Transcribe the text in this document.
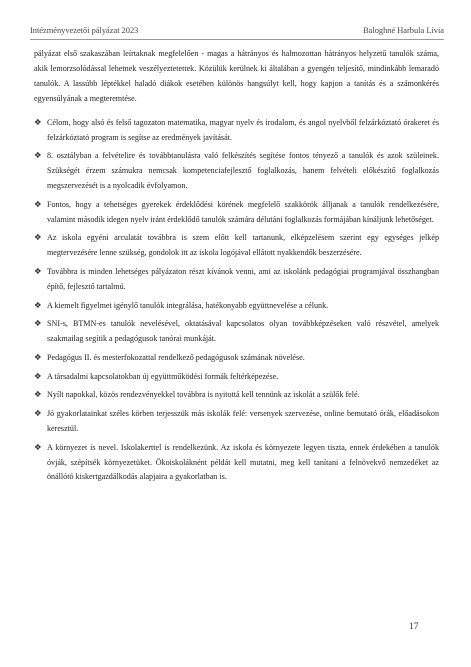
Intézményvezetői pályázat 2023	Baloghné Harbula Lívia

pályázat első szakaszában leírtaknak megfelelően - magas a hátrányos és halmozottan hátrányos helyzetű tanulók száma, akik lemorzsolódással lehetnek veszélyeztetettek. Közülük kerülnek ki általában a gyengén teljesítő, mindinkább lemaradó tanulók. A lassúbb léptékkel haladó diákok esetében különös hangsúlyt kell, hogy kapjon a tanítás és a számonkérés egyensúlyának a megteremtése.

❖ Célom, hogy alsó és felső tagozaton matematika, magyar nyelv és irodalom, és angol nyelvből felzárkóztató órakeret és felzárkóztató program is segítse az eredmények javítását.
❖ 8. osztályban a felvételire és továbbtanulásra való felkészítés segítése fontos tényező a tanulók és azok szüleinek. Szükségét érzem számukra nemcsak kompetenciafejlesztő foglalkozás, hanem felvételi előkészítő foglalkozás megszervezését is a nyolcadik évfolyamon.
❖ Fontos, hogy a tehetséges gyerekek érdeklődési körének megfelelő szakkörök álljanak a tanulók rendelkezésére, valamint második idegen nyelv iránt érdeklődő tanulók számára délutáni foglalkozás formájában kínáljunk lehetőséget.
❖ Az iskola egyéni arculatát továbbra is szem előtt kell tartanunk, elképzelésem szerint egy egységes jelkép megtervezésére lenne szükség, gondolok itt az iskola logójával ellátott nyakkendők beszerzésére.
❖ Továbbra is minden lehetséges pályázaton részt kívánok venni, ami az iskolánk pedagógiai programjával összhangban építő, fejlesztő tartalmú.
❖ A kiemelt figyelmet igénylő tanulók integrálása, hatékonyabb együttnevelése a célunk.
❖ SNI-s, BTMN-es tanulók nevelésével, oktatásával kapcsolatos olyan továbbképzéseken való részvétel, amelyek szakmailag segítik a pedagógusok tanórai munkáját.
❖ Pedagógus II. és mesterfokozattal rendelkező pedagógusok számának növelése.
❖ A társadalmi kapcsolatokban új együttműködési formák feltérképezése.
❖ Nyílt napokkal, közös rendezvényekkel továbbra is nyitottá kell tennünk az iskolát a szülők felé.
❖ Jó gyakorlatainkat széles körben terjesszük más iskolák felé: versenyek szervezése, online bemutató órák, előadásokon keresztül.
❖ A környezet is nevel. Iskolakerttel is rendelkezünk. Az iskola és környezete legyen tiszta, ennek érdekében a tanulók óvják, szépítsék környezetüket. Ökoiskoláknént példát kell mutatni, meg kell tanítani a felnövekvő nemzedéket az önállótó kiskertgazdálkodás alapjaira a gyakorlatban is.
17
